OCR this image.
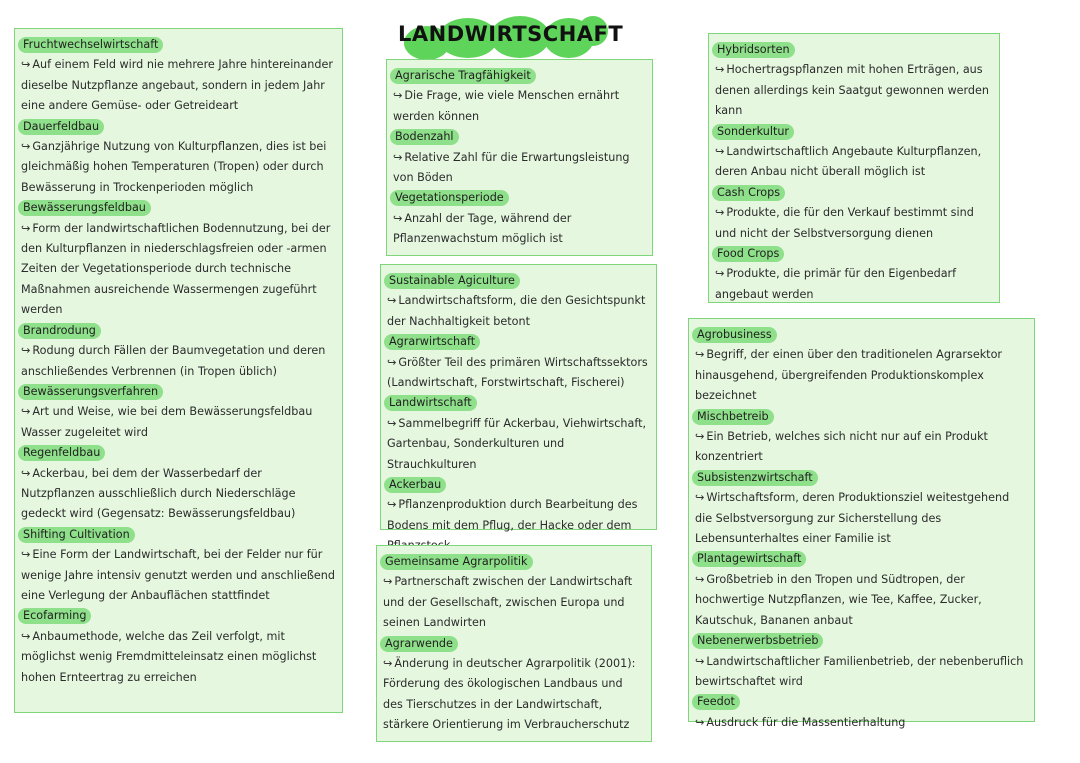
LANDWIRTSCHAFT
Fruchtwechselwirtschaft
↪ Auf einem Feld wird nie mehrere Jahre hintereinander dieselbe Nutzpflanze angebaut, sondern in jedem Jahr eine andere Gemüse- oder Getreideart
Dauerfeldbau
↪ Ganzjährige Nutzung von Kulturpflanzen, dies ist bei gleichmäßig hohen Temperaturen (Tropen) oder durch Bewässerung in Trockenperioden möglich
Bewässerungsfeldbau
↪ Form der landwirtschaftlichen Bodennutzung, bei der den Kulturpflanzen in niederschlagsfreien oder -armen Zeiten der Vegetationsperiode durch technische Maßnahmen ausreichende Wassermengen zugeführt werden
Brandrodung
↪ Rodung durch Fällen der Baumvegetation und deren anschließendes Verbrennen (in Tropen üblich)
Bewässerungsverfahren
↪ Art und Weise, wie bei dem Bewässerungsfeldbau Wasser zugeleitet wird
Regenfeldbau
↪ Ackerbau, bei dem der Wasserbedarf der Nutzpflanzen ausschließlich durch Niederschläge gedeckt wird (Gegensatz: Bewässerungsfeldbau)
Shifting Cultivation
↪ Eine Form der Landwirtschaft, bei der Felder nur für wenige Jahre intensiv genutzt werden und anschließend eine Verlegung der Anbauflächen stattfindet
Ecofarming
↪ Anbaumethode, welche das Zeil verfolgt, mit möglichst wenig Fremdmitteleinsatz einen möglichst hohen Ernteertrag zu erreichen
Agrarische Tragfähigkeit
↪ Die Frage, wie viele Menschen ernährt werden können
Bodenzahl
↪ Relative Zahl für die Erwartungsleistung von Böden
Vegetationsperiode
↪ Anzahl der Tage, während der Pflanzenwachstum möglich ist
Sustainable Agiculture
↪ Landwirtschaftsform, die den Gesichtspunkt der Nachhaltigkeit betont
Agrarwirtschaft
↪ Größter Teil des primären Wirtschaftssektors (Landwirtschaft, Forstwirtschaft, Fischerei)
Landwirtschaft
↪ Sammelbegriff für Ackerbau, Viehwirtschaft, Gartenbau, Sonderkulturen und Strauchkulturen
Ackerbau
↪ Pflanzenproduktion durch Bearbeitung des Bodens mit dem Pflug, der Hacke oder dem
Gemeinsame Agrarpolitik
↪ Partnerschaft zwischen der Landwirtschaft und der Gesellschaft, zwischen Europa und seinen Landwirten
Agrarwende
↪ Änderung in deutscher Agrarpolitik (2001): Förderung des ökologischen Landbaus und des Tierschutzes in der Landwirtschaft, stärkere Orientierung im Verbraucherschutz
Hybridsorten
↪ Hochertragspflanzen mit hohen Erträgen, aus denen allerdings kein Saatgut gewonnen werden kann
Sonderkultur
↪ Landwirtschaftlich Angebaute Kulturpflanzen, deren Anbau nicht überall möglich ist
Cash Crops
↪ Produkte, die für den Verkauf bestimmt sind und nicht der Selbstversorgung dienen
Food Crops
↪ Produkte, die primär für den Eigenbedarf angebaut werden
Agrobusiness
↪ Begriff, der einen über den traditionelen Agrarsektor hinausgehend, übergreifenden Produktionskomplex bezeichnet
Mischbetreib
↪ Ein Betrieb, welches sich nicht nur auf ein Produkt konzentriert
Subsistenzwirtschaft
↪ Wirtschaftsform, deren Produktionsziel weitestgehend die Selbstversorgung zur Sicherstellung des Lebensunterhaltes einer Familie ist
Plantagewirtschaft
↪ Großbetrieb in den Tropen und Südtropen, der hochwertige Nutzpflanzen, wie Tee, Kaffee, Zucker, Kautschuk, Bananen anbaut
Nebenerwerbsbetrieb
↪ Landwirtschaftlicher Familienbetrieb, der nebenberuflich bewirtschaftet wird
Feedot
↪ Ausdruck für die Massentierhaltung
